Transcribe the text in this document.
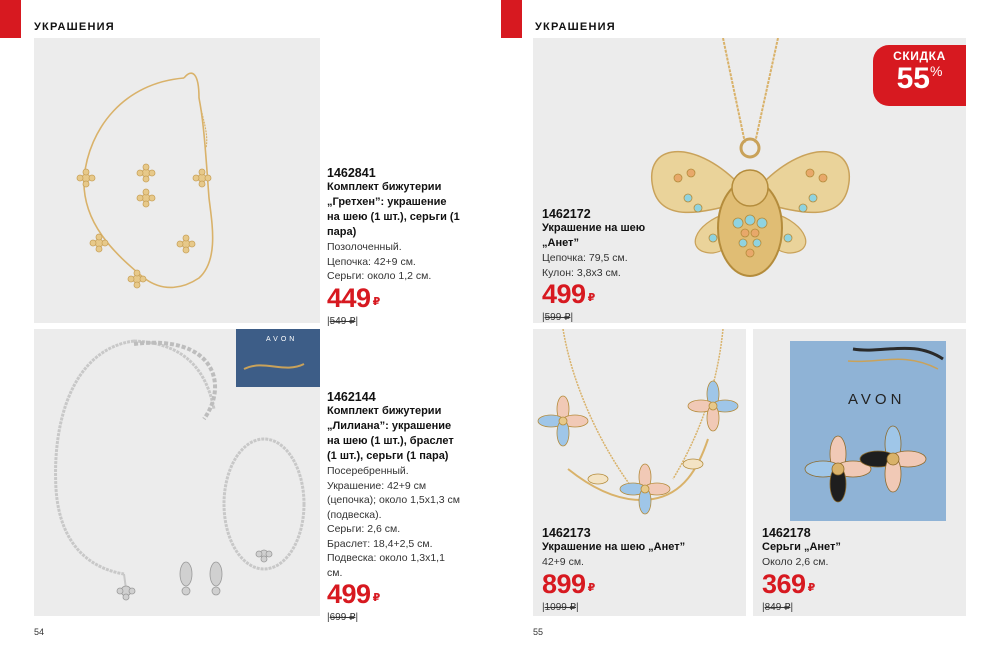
УКРАШЕНИЯ
1462841
Комплект бижутерии „Гретхен”: украшение на шею (1 шт.), серьги (1 пара)
Позолоченный.
Цепочка: 42+9 см.
Серьги: около 1,2 см.
449 ₽
|549 ₽|
AVON
1462144
Комплект бижутерии „Лилиана”: украшение на шею (1 шт.), браслет (1 шт.), серьги (1 пара)
Посеребренный.
Украшение: 42+9 см (цепочка); около 1,5х1,3 см (подвеска).
Серьги: 2,6 см.
Браслет: 18,4+2,5 см.
Подвеска: около 1,3х1,1 см.
499 ₽
|699 ₽|
54
УКРАШЕНИЯ
СКИДКА
55%
1462172
Украшение на шею „Анет”
Цепочка: 79,5 см.
Кулон: 3,8х3 см.
499 ₽
|599 ₽|
1462173
Украшение на шею „Анет”
42+9 см.
899 ₽
|1099 ₽|
AVON
1462178
Серьги „Анет”
Около 2,6 см.
369 ₽
|849 ₽|
55
